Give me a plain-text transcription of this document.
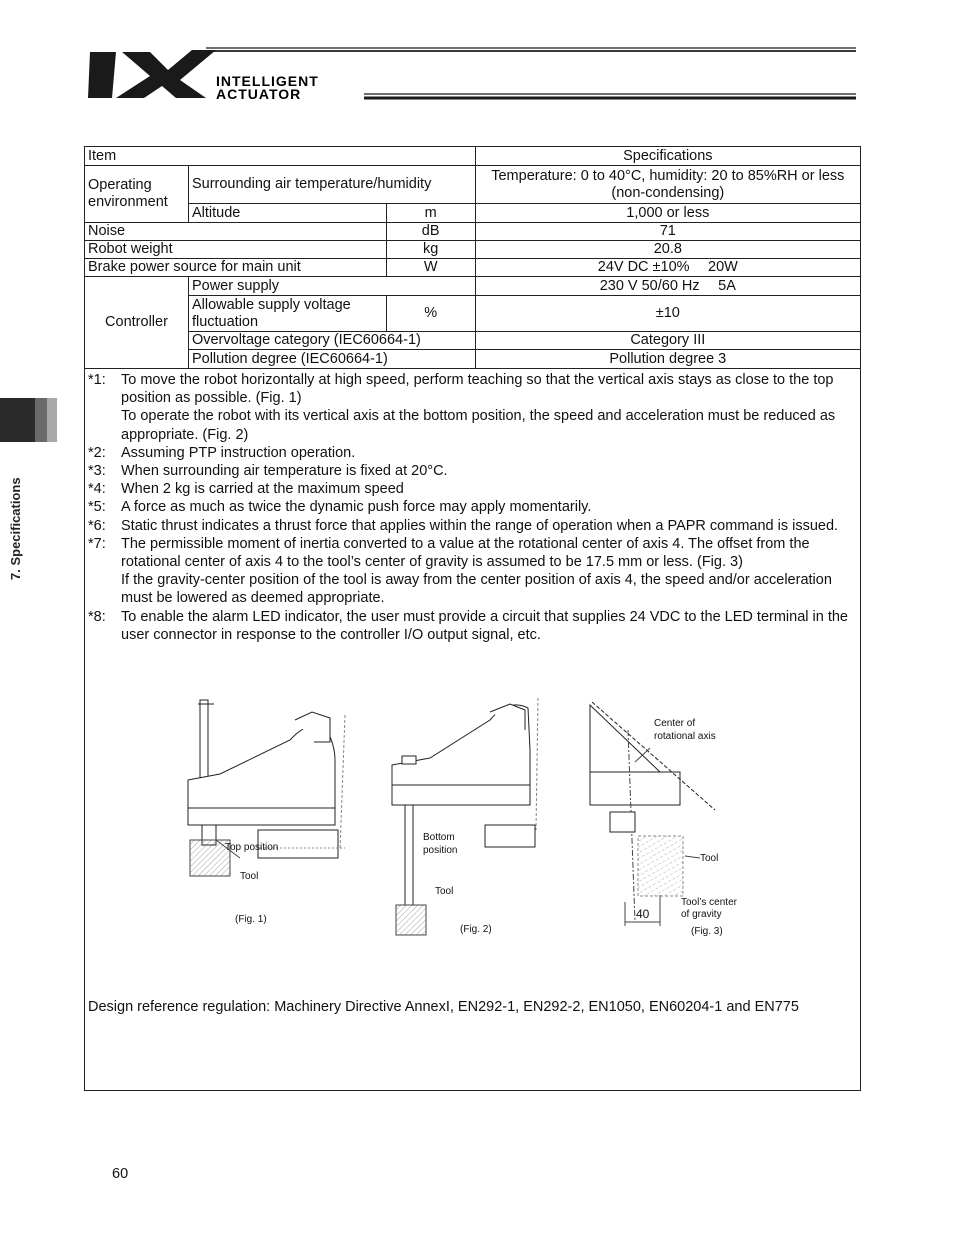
INTELLIGENT
ACTUATOR
7. Specifications
Item			Specifications
Operating environment	Surrounding air temperature/humidity		Temperature: 0 to 40°C, humidity: 20 to 85%RH or less (non-condensing)
	Altitude	m	1,000 or less
Noise		dB	71
Robot weight		kg	20.8
Brake power source for main unit		W	24V DC ±10%  20W
Controller	Power supply		230 V 50/60 Hz  5A
	Allowable supply voltage fluctuation	%	±10
	Overvoltage category (IEC60664-1)		Category III
	Pollution degree (IEC60664-1)		Pollution degree 3
*1:	To move the robot horizontally at high speed, perform teaching so that the vertical axis stays as close to the top position as possible. (Fig. 1)
To operate the robot with its vertical axis at the bottom position, the speed and acceleration must be reduced as appropriate. (Fig. 2)
*2:	Assuming PTP instruction operation.
*3:	When surrounding air temperature is fixed at 20°C.
*4:	When 2 kg is carried at the maximum speed
*5:	A force as much as twice the dynamic push force may apply momentarily.
*6:	Static thrust indicates a thrust force that applies within the range of operation when a PAPR command is issued.
*7:	The permissible moment of inertia converted to a value at the rotational center of axis 4. The offset from the rotational center of axis 4 to the tool’s center of gravity is assumed to be 17.5 mm or less. (Fig. 3)
If the gravity-center position of the tool is away from the center position of axis 4, the speed and/or acceleration must be lowered as deemed appropriate.
*8:	To enable the alarm LED indicator, the user must provide a circuit that supplies 24 VDC to the LED terminal in the user connector in response to the controller I/O output signal, etc.
Top position
Tool
(Fig. 1)
Bottom
position
Tool
(Fig. 2)
Center of
rotational axis
Tool
Tool’s center
of gravity
40
(Fig. 3)
Design reference regulation: Machinery Directive AnnexI, EN292-1, EN292-2, EN1050, EN60204-1 and EN775
60
